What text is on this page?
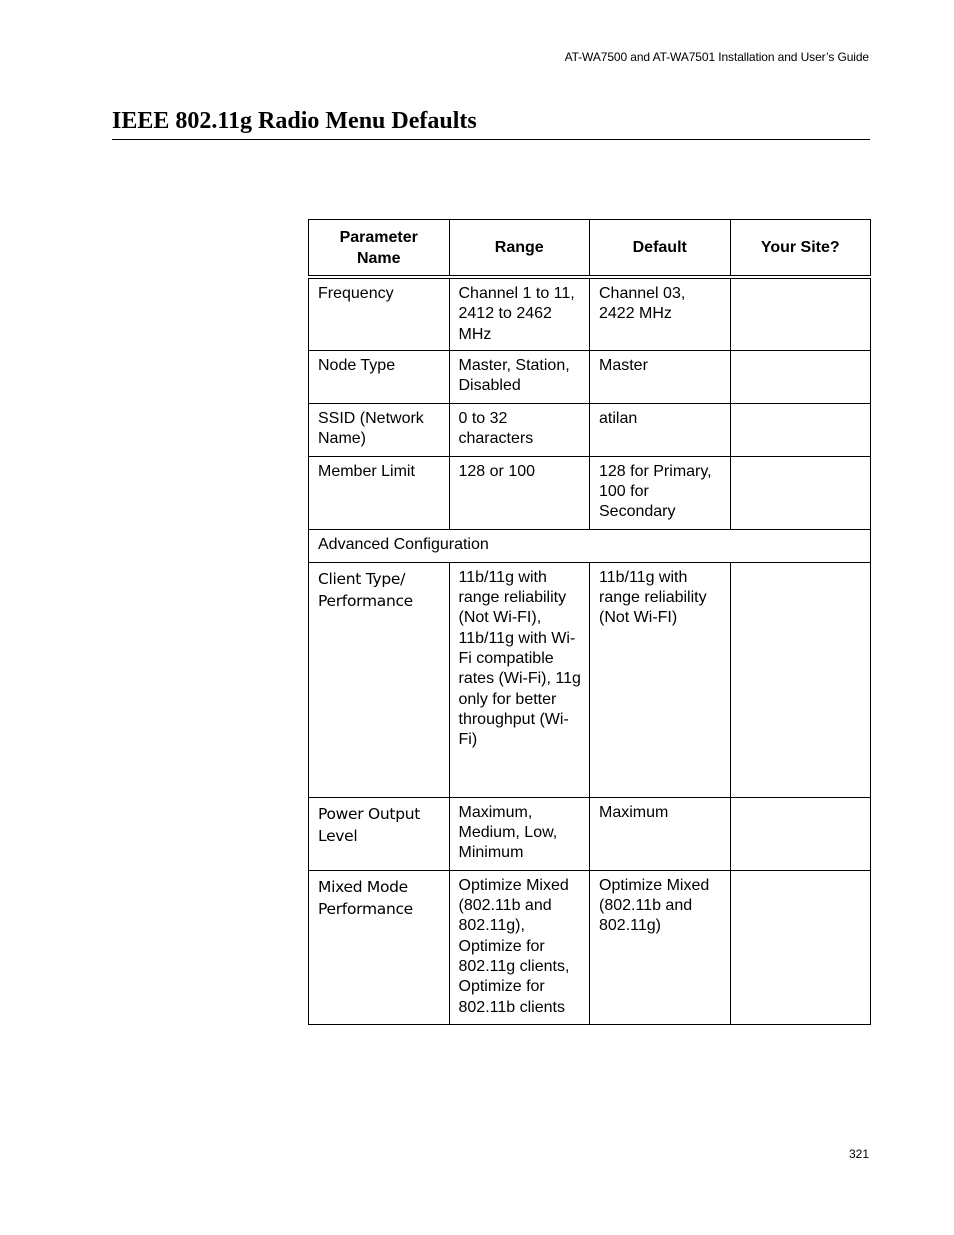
AT-WA7500 and AT-WA7501 Installation and User’s Guide
IEEE 802.11g Radio Menu Defaults
Parameter Name	Range	Default	Your Site?
Frequency	Channel 1 to 11, 2412 to 2462 MHz	Channel 03, 2422 MHz	
Node Type	Master, Station, Disabled	Master	
SSID (Network Name)	0 to 32 characters	atilan	
Member Limit	128 or 100	128 for Primary, 100 for Secondary	
Advanced Configuration			
Client Type/ Performance	11b/11g with range reliability (Not Wi-FI), 11b/11g with Wi-Fi compatible rates (Wi-Fi), 11g only for better throughput (Wi-Fi)	11b/11g with range reliability (Not Wi-FI)	
Power Output Level	Maximum, Medium, Low, Minimum	Maximum	
Mixed Mode Performance	Optimize Mixed (802.11b and 802.11g), Optimize for 802.11g clients, Optimize for 802.11b clients	Optimize Mixed (802.11b and 802.11g)	
321
